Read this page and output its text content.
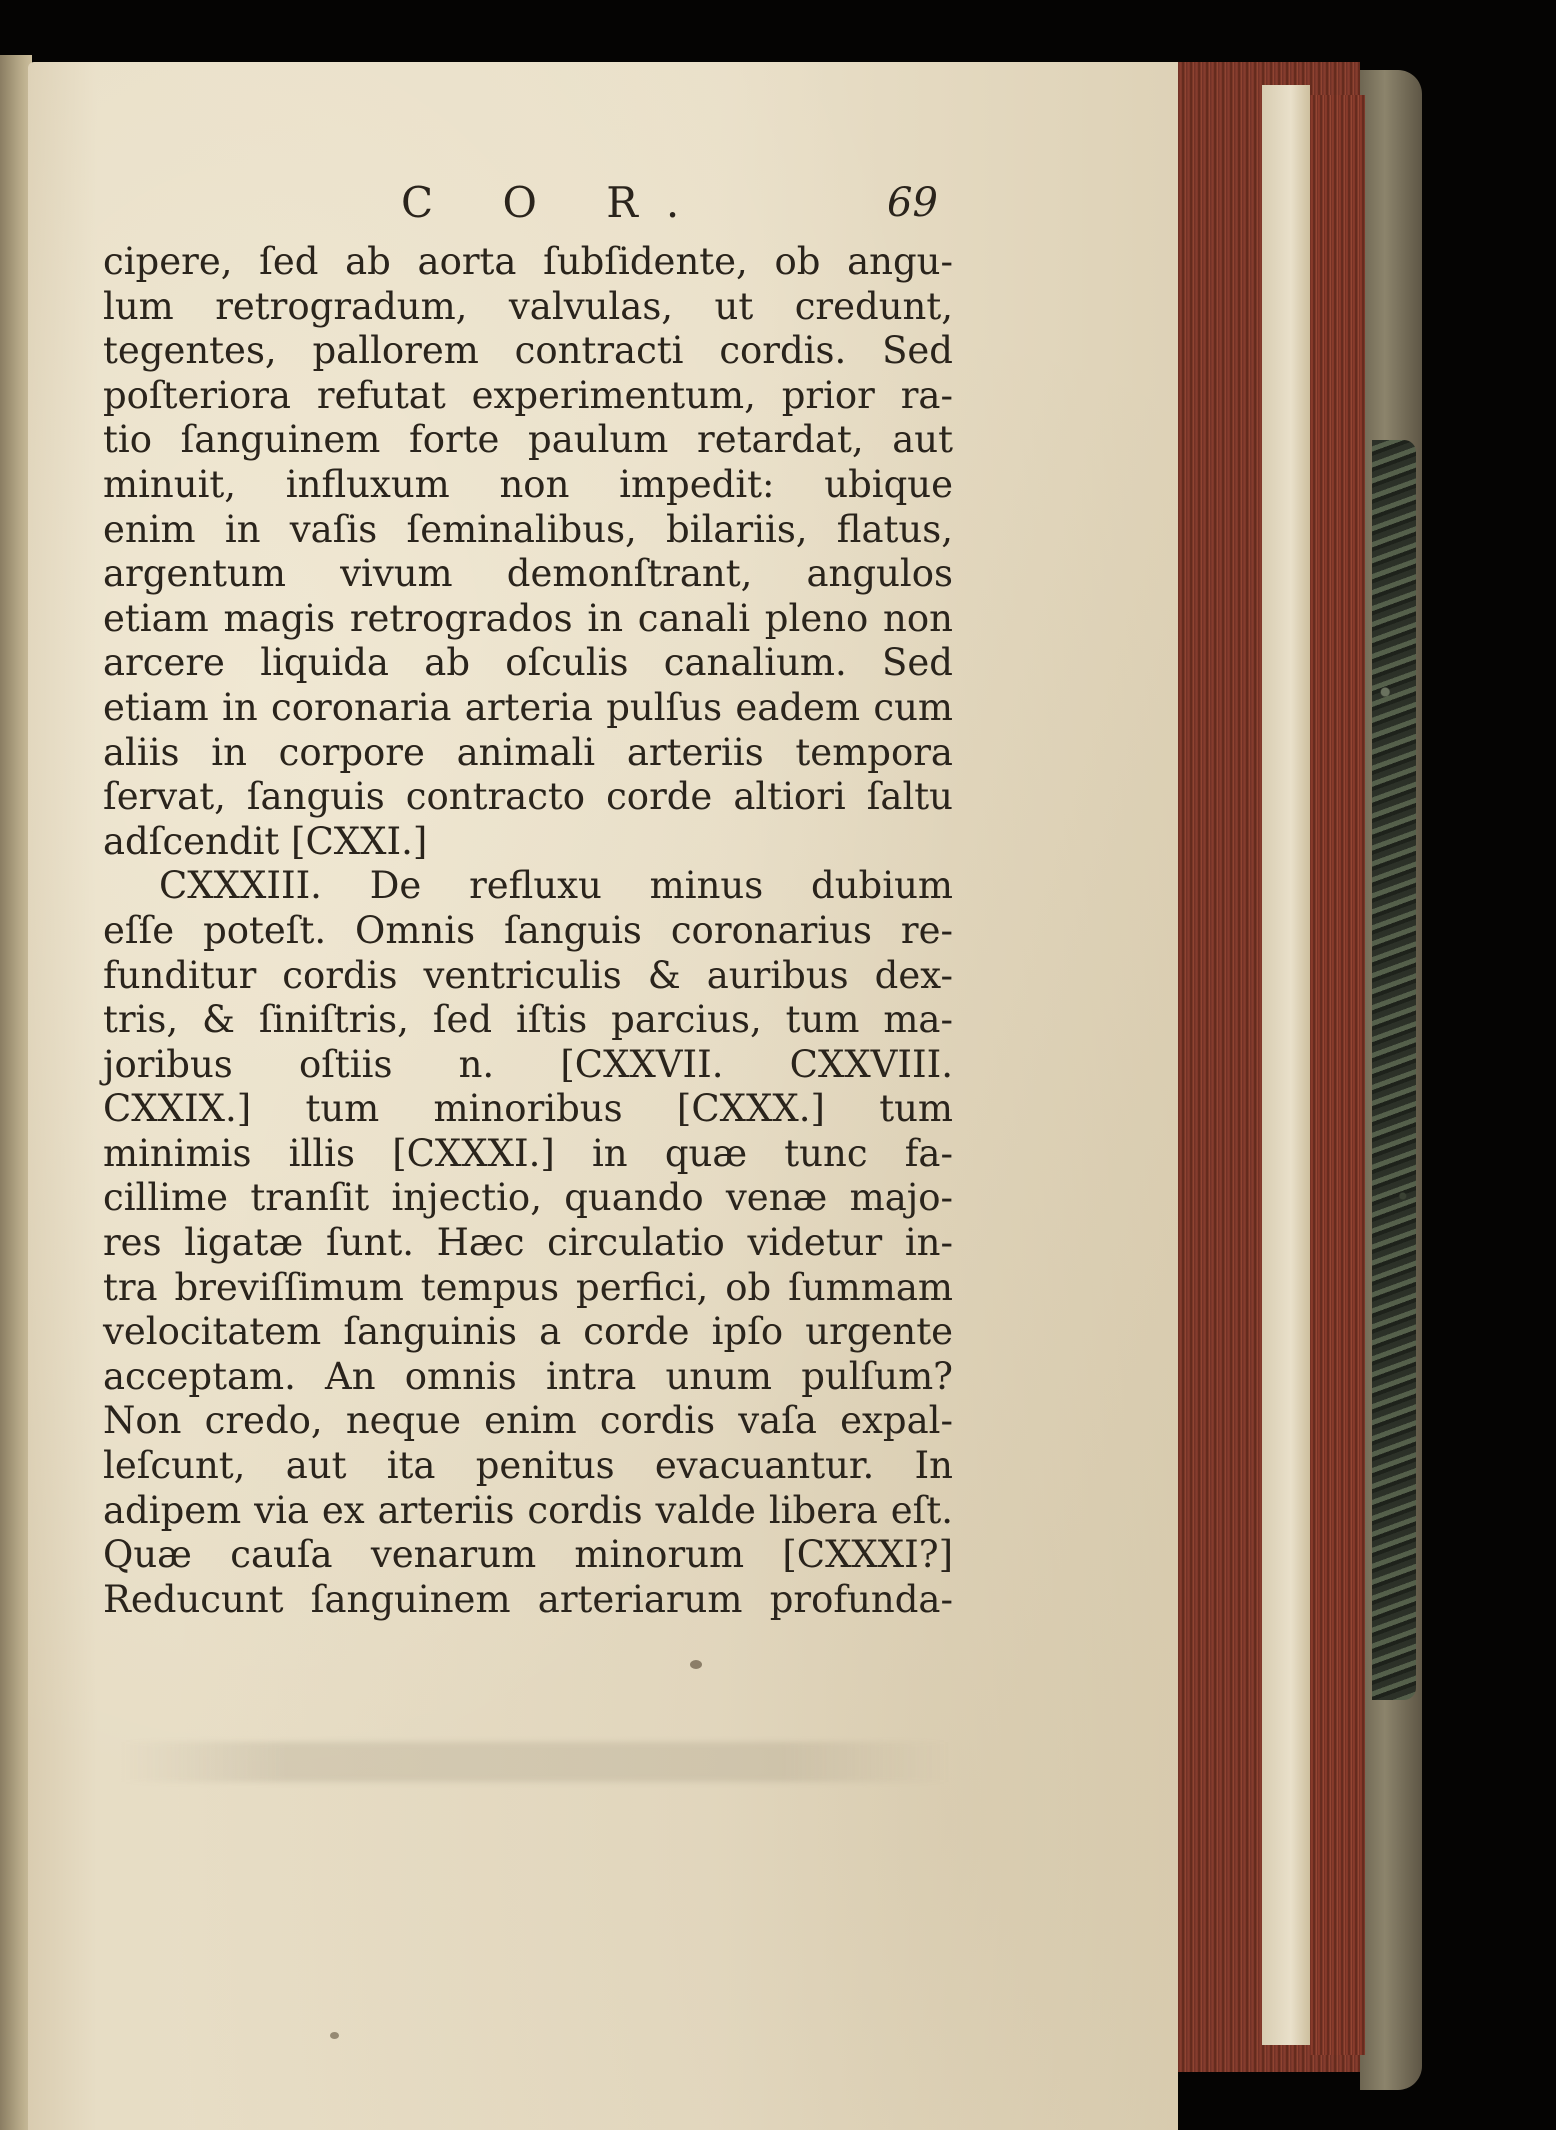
C O R.	69
cipere, ſed ab aorta ſubſidente, ob angu-
lum retrogradum, valvulas, ut credunt,
tegentes, pallorem contracti cordis. Sed
poſteriora refutat experimentum, prior ra-
tio ſanguinem forte paulum retardat, aut
minuit, influxum non impedit: ubique
enim in vaſis ſeminalibus, bilariis, flatus,
argentum vivum demonſtrant, angulos
etiam magis retrogrados in canali pleno non
arcere liquida ab oſculis canalium. Sed
etiam in coronaria arteria pulſus eadem cum
aliis in corpore animali arteriis tempora
ſervat, ſanguis contracto corde altiori ſaltu
adſcendit [CXXI.]
CXXXIII. De refluxu minus dubium
eſſe poteſt. Omnis ſanguis coronarius re-
funditur cordis ventriculis & auribus dex-
tris, & ſiniſtris, ſed iſtis parcius, tum ma-
joribus oſtiis n. [CXXVII. CXXVIII.
CXXIX.] tum minoribus [CXXX.] tum
minimis illis [CXXXI.] in quæ tunc fa-
cillime tranſit injectio, quando venæ majo-
res ligatæ ſunt. Hæc circulatio videtur in-
tra breviſſimum tempus perfici, ob ſummam
velocitatem ſanguinis a corde ipſo urgente
acceptam. An omnis intra unum pulſum?
Non credo, neque enim cordis vaſa expal-
leſcunt, aut ita penitus evacuantur. In
adipem via ex arteriis cordis valde libera eſt.
Quæ cauſa venarum minorum [CXXXI?]
Reducunt ſanguinem arteriarum profunda-
